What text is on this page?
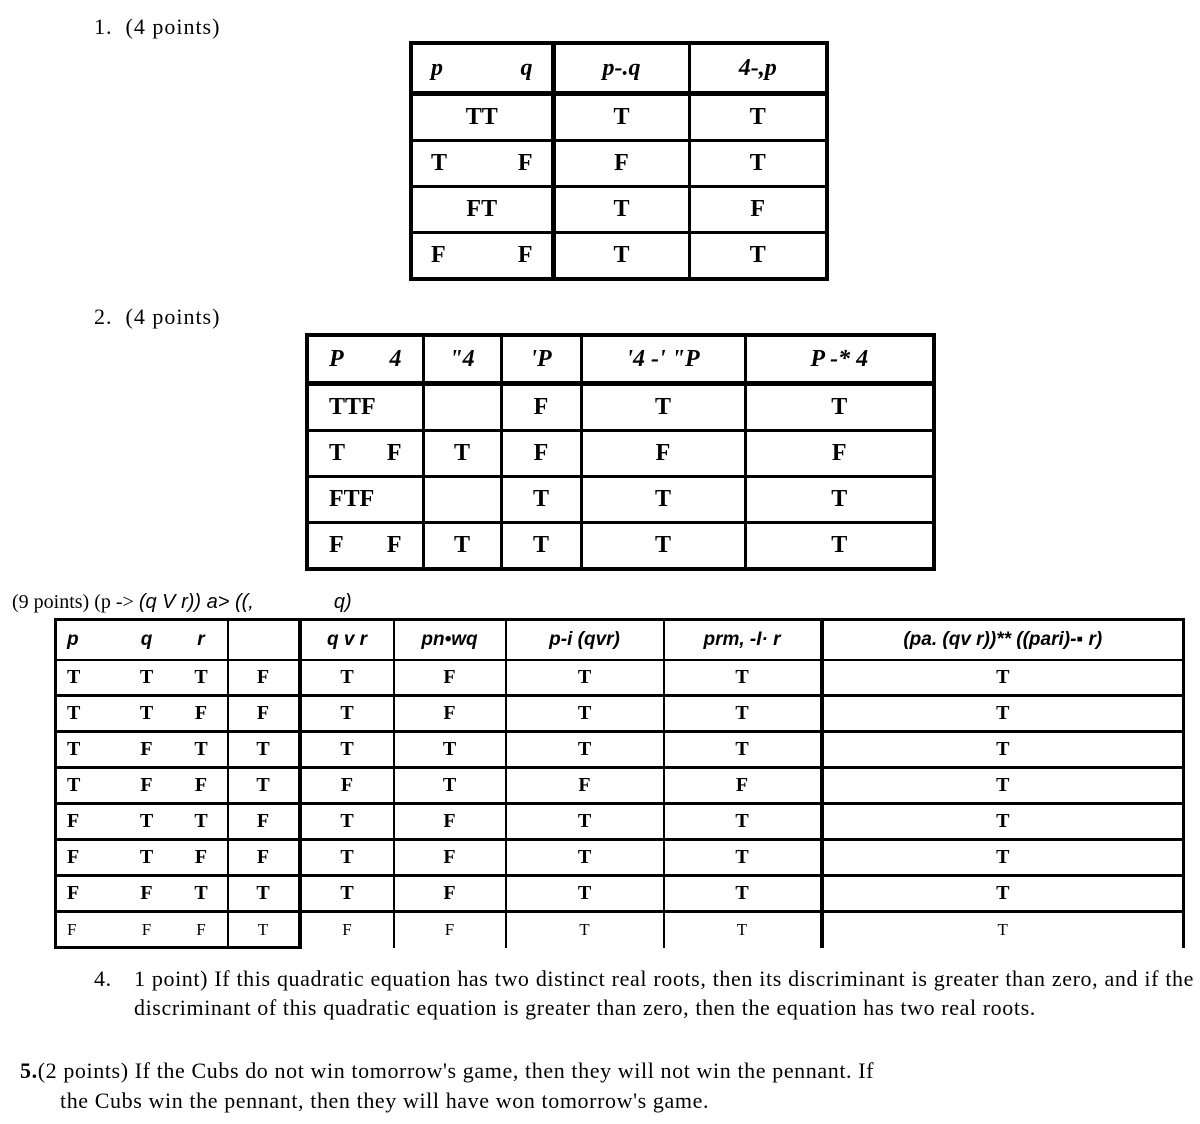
1.  (4 points)
p q	p-.q	4-,p
TT	T	T

T F	F	T
FT	T	F

F F	T	T
2.  (4 points)
P 4	"4	'P	'4 -' "P	P -* 4
TTF		F	T	T

T F	T	F	F	F
FTF		T	T	T

F F	T	T	T	T
(9 points) (p -> (q V r)) a> ((,	q)
p	q	r		q v r	pn•wq	p-i (qvr)	prm, -I· r	(pa. (qv r))** ((pari)-▪ r)
T	T	T	F	T	F	T	T	T
T	T	F	F	T	F	T	T	T
T	F	T	T	T	T	T	T	T
T	F	F	T	F	T	F	F	T
F	T	T	F	T	F	T	T	T
F	T	F	F	T	F	T	T	T
F	F	T	T	T	F	T	T	T
F	F	F	T	F	F	T	T	T
4. 1 point) If this quadratic equation has two distinct real roots, then its discriminant is greater than zero, and if the discriminant of this quadratic equation is greater than zero, then the equation has two real roots.
5.(2 points) If the Cubs do not win tomorrow's game, then they will not win the pennant. If
the Cubs win the pennant, then they will have won tomorrow's game.
